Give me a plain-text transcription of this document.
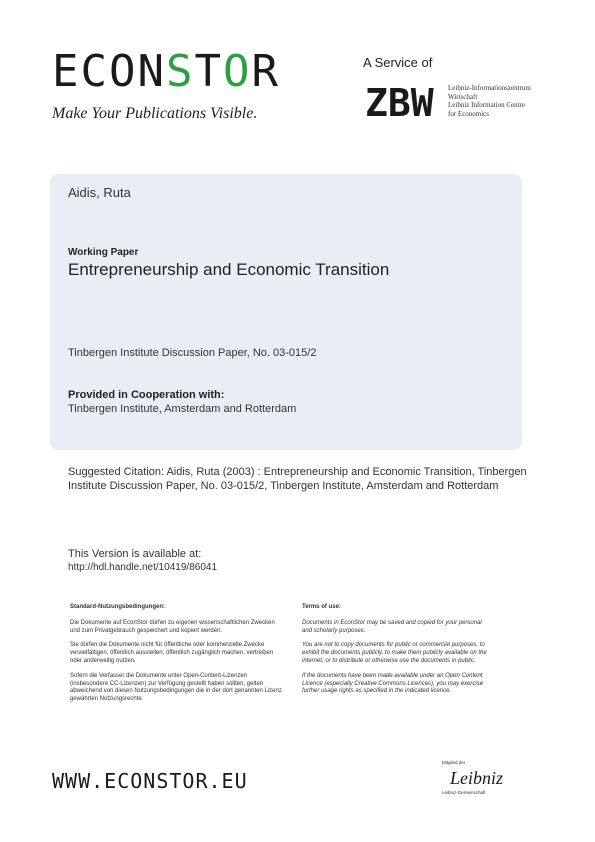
ECONSTOR
Make Your Publications Visible.
A Service of
ZBW Leibniz-Informationszentrum
Wirtschaft
Leibniz Information Centre
for Economics
Aidis, Ruta
Working Paper
Entrepreneurship and Economic Transition
Tinbergen Institute Discussion Paper, No. 03-015/2
Provided in Cooperation with:
Tinbergen Institute, Amsterdam and Rotterdam
Suggested Citation: Aidis, Ruta (2003) : Entrepreneurship and Economic Transition, Tinbergen Institute Discussion Paper, No. 03-015/2, Tinbergen Institute, Amsterdam and Rotterdam
This Version is available at:
http://hdl.handle.net/10419/86041
Standard-Nutzungsbedingungen:

Die Dokumente auf EconStor dürfen zu eigenen wissenschaftlichen Zwecken und zum Privatgebrauch gespeichert und kopiert werden.

Sie dürfen die Dokumente nicht für öffentliche oder kommerzielle Zwecke vervielfältigen, öffentlich ausstellen, öffentlich zugänglich machen, vertreiben oder anderweitig nutzen.

Sofern die Verfasser die Dokumente unter Open-Content-Lizenzen (insbesondere CC-Lizenzen) zur Verfügung gestellt haben sollten, gelten abweichend von diesen Nutzungsbedingungen die in der dort genannten Lizenz gewährten Nutzungsrechte.

Terms of use:

Documents in EconStor may be saved and copied for your personal and scholarly purposes.

You are not to copy documents for public or commercial purposes, to exhibit the documents publicly, to make them publicly available on the internet, or to distribute or otherwise use the documents in public.

If the documents have been made available under an Open Content Licence (especially Creative Commons Licences), you may exercise further usage rights as specified in the indicated licence.

WWW.ECONSTOR.EU
Mitglied der
Leibniz
Leibniz-Gemeinschaft
